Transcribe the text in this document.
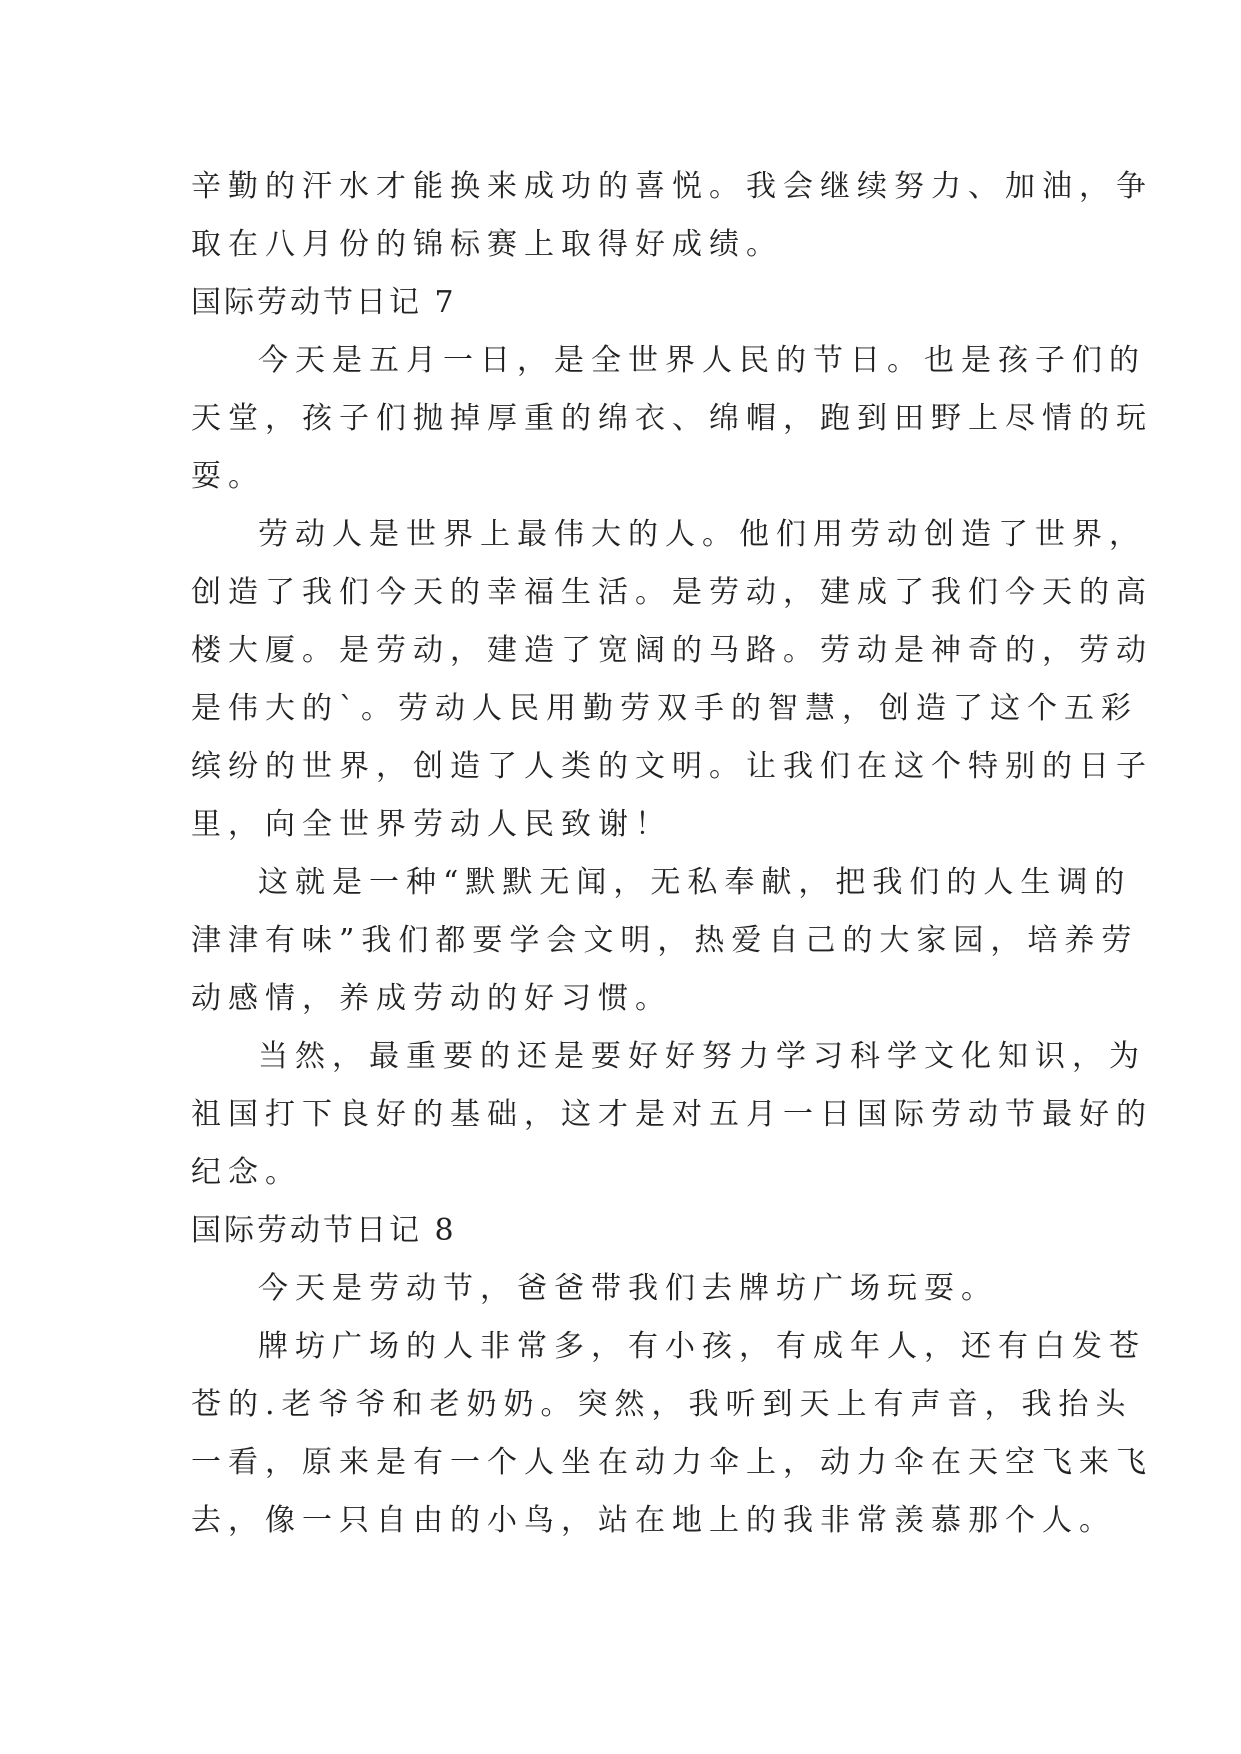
辛勤的汗水才能换来成功的喜悦。我会继续努力、加油，争

取在八月份的锦标赛上取得好成绩。

国际劳动节日记 7

今天是五月一日，是全世界人民的节日。也是孩子们的

天堂，孩子们抛掉厚重的绵衣、绵帽，跑到田野上尽情的玩

耍。

劳动人是世界上最伟大的人。他们用劳动创造了世界，

创造了我们今天的幸福生活。是劳动，建成了我们今天的高

楼大厦。是劳动，建造了宽阔的马路。劳动是神奇的，劳动

是伟大的`。劳动人民用勤劳双手的智慧，创造了这个五彩

缤纷的世界，创造了人类的文明。让我们在这个特别的日子

里，向全世界劳动人民致谢！

这就是一种“默默无闻，无私奉献，把我们的人生调的

津津有味”我们都要学会文明，热爱自己的大家园，培养劳

动感情，养成劳动的好习惯。

当然，最重要的还是要好好努力学习科学文化知识，为

祖国打下良好的基础，这才是对五月一日国际劳动节最好的

纪念。

国际劳动节日记 8

今天是劳动节，爸爸带我们去牌坊广场玩耍。

牌坊广场的人非常多，有小孩，有成年人，还有白发苍

苍的.老爷爷和老奶奶。突然，我听到天上有声音，我抬头

一看，原来是有一个人坐在动力伞上，动力伞在天空飞来飞

去，像一只自由的小鸟，站在地上的我非常羡慕那个人。
